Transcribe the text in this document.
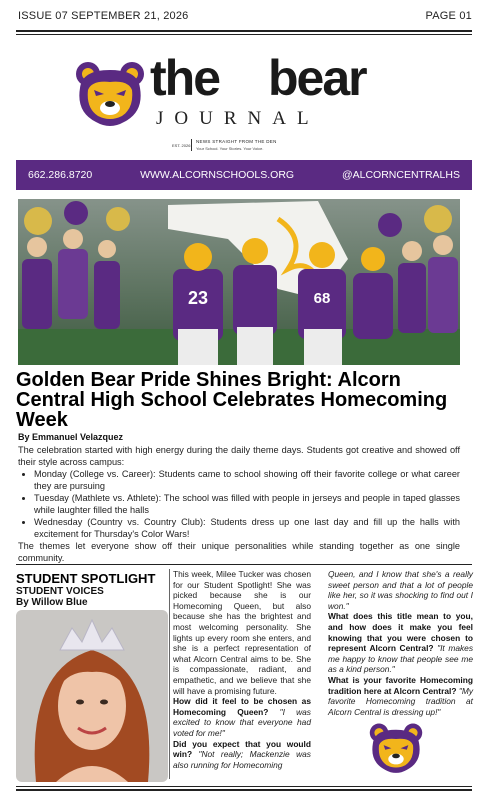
ISSUE 07 SEPTEMBER 21, 2026	PAGE 01
the bear
JOURNAL
EST. 2026
NEWS STRAIGHT FROM THE DEN
Your School. Your Stories. Your Voice.
662.286.8720	WWW.ALCORNSCHOOLS.ORG	@ALCORNCENTRALHS
23	68
Golden Bear Pride Shines Bright: Alcorn Central High School Celebrates Homecoming Week
By Emmanuel Velazquez

The celebration started with high energy during the daily theme days. Students got creative and showed off their style across campus:

• Monday (College vs. Career): Students came to school showing off their favorite college or what career they are pursuing
• Tuesday (Mathlete vs. Athlete): The school was filled with people in jerseys and people in taped glasses while laughter filled the halls
• Wednesday (Country vs. Country Club): Students dress up one last day and fill up the halls with excitement for Thursday's Color Wars!

The themes let everyone show off their unique personalities while standing together as one single community.

STUDENT SPOTLIGHT
STUDENT VOICES
By Willow Blue

This week, Milee Tucker was chosen for our Student Spotlight! She was picked because she is our Homecoming Queen, but also because she has the brightest and most welcoming personality. She lights up every room she enters, and she is a perfect representation of what Alcorn Central aims to be. She is compassionate, radiant, and empathetic, and we believe that she will have a promising future.

How did it feel to be chosen as Homecoming Queen? "I was excited to know that everyone had voted for me!"

Did you expect that you would win? "Not really; Mackenzie was also running for Homecoming

Queen, and I know that she's a really sweet person and that a lot of people like her, so it was shocking to find out I won."

What does this title mean to you, and how does it make you feel knowing that you were chosen to represent Alcorn Central? "It makes me happy to know that people see me as a kind person."

What is your favorite Homecoming tradition here at Alcorn Central? "My favorite Homecoming tradition at Alcorn Central is dressing up!"
